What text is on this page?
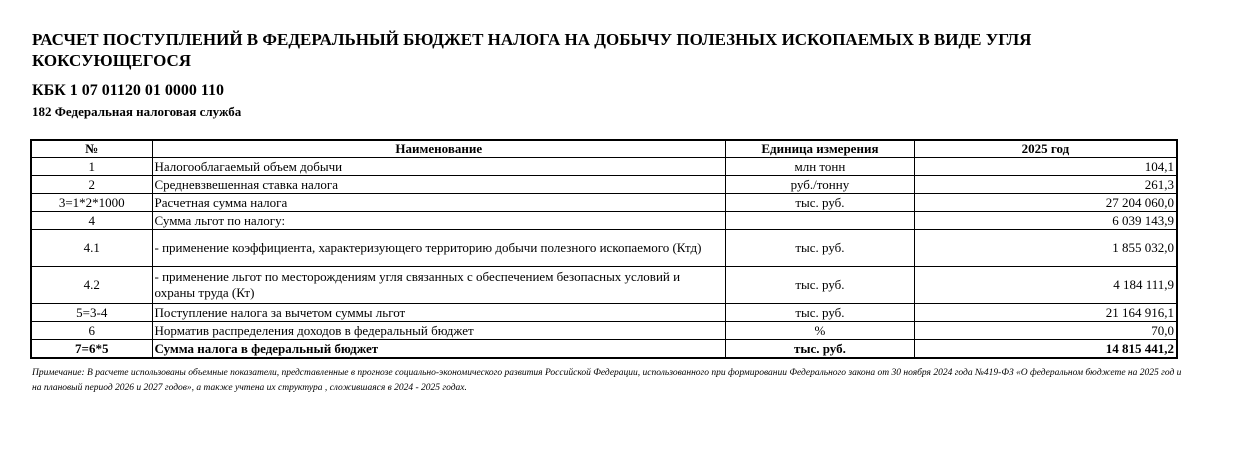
РАСЧЕТ ПОСТУПЛЕНИЙ В ФЕДЕРАЛЬНЫЙ БЮДЖЕТ НАЛОГА НА ДОБЫЧУ ПОЛЕЗНЫХ ИСКОПАЕМЫХ В ВИДЕ УГЛЯ КОКСУЮЩЕГОСЯ
КБК 1 07 01120 01 0000 110
182 Федеральная налоговая служба
№	Наименование	Единица измерения	2025 год
1	Налогооблагаемый объем добычи	млн тонн	104,1
2	Средневзвешенная ставка налога	руб./тонну	261,3
3=1*2*1000	Расчетная сумма налога	тыс. руб.	27 204 060,0
4	Сумма льгот по налогу:		6 039 143,9
4.1	- применение коэффициента, характеризующего территорию добычи полезного ископаемого (Ктд)	тыс. руб.	1 855 032,0
4.2	- применение льгот по месторождениям угля связанных с обеспечением безопасных условий и охраны труда (Кт)	тыс. руб.	4 184 111,9
5=3-4	Поступление налога за вычетом суммы льгот	тыс. руб.	21 164 916,1
6	Норматив распределения доходов в федеральный бюджет	%	70,0
7=6*5	Сумма налога в федеральный бюджет	тыс. руб.	14 815 441,2
Примечание: В расчете использованы объемные показатели, представленные в прогнозе социально-экономического развития Российской Федерации, использованного при формировании Федерального закона от 30 ноября 2024 года №419-ФЗ «О федеральном бюджете на 2025 год и на плановый период 2026 и 2027 годов», а также учтена их структура , сложившаяся в 2024 - 2025 годах.
